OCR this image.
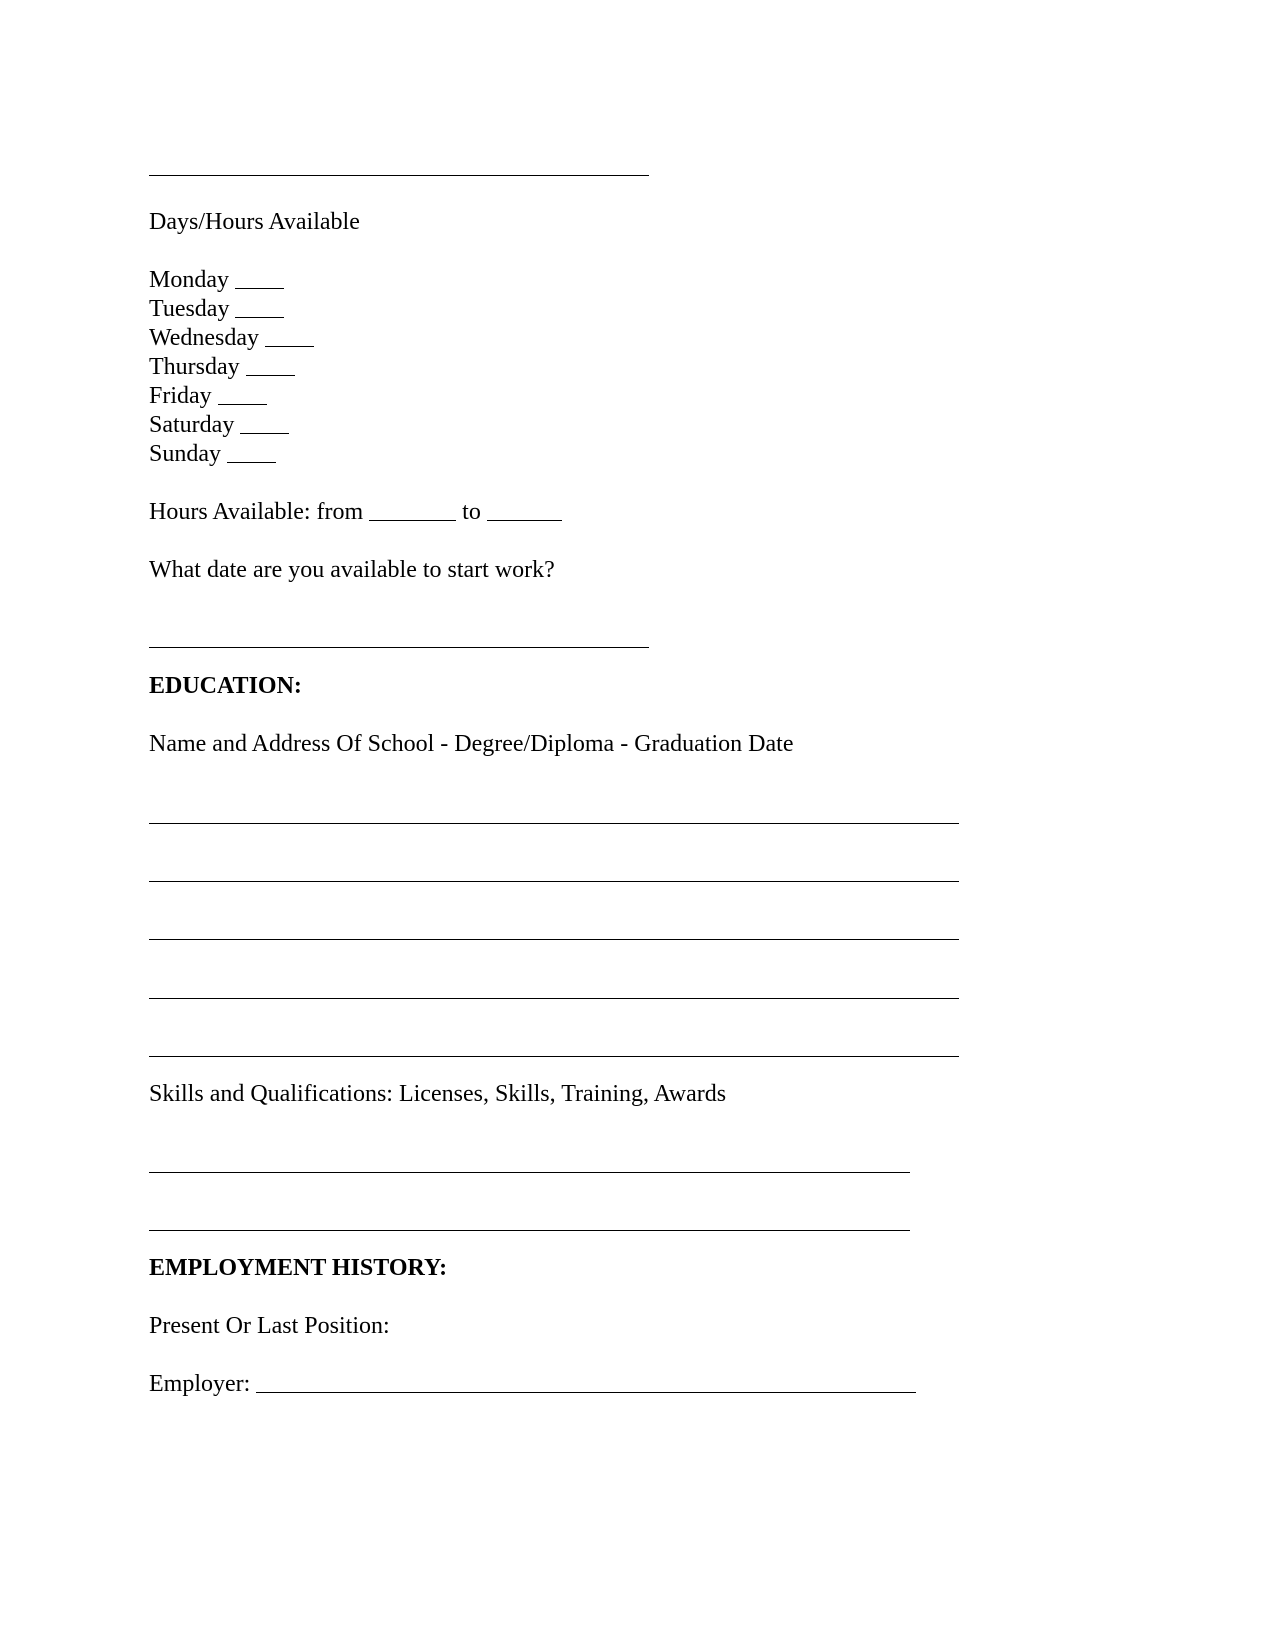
Days/Hours Available

Monday

Tuesday

Wednesday

Thursday

Friday

Saturday

Sunday

Hours Available: from	to

What date are you available to start work?

EDUCATION:

Name and Address Of School - Degree/Diploma - Graduation Date

Skills and Qualifications: Licenses, Skills, Training, Awards

EMPLOYMENT HISTORY:

Present Or Last Position:

Employer:
